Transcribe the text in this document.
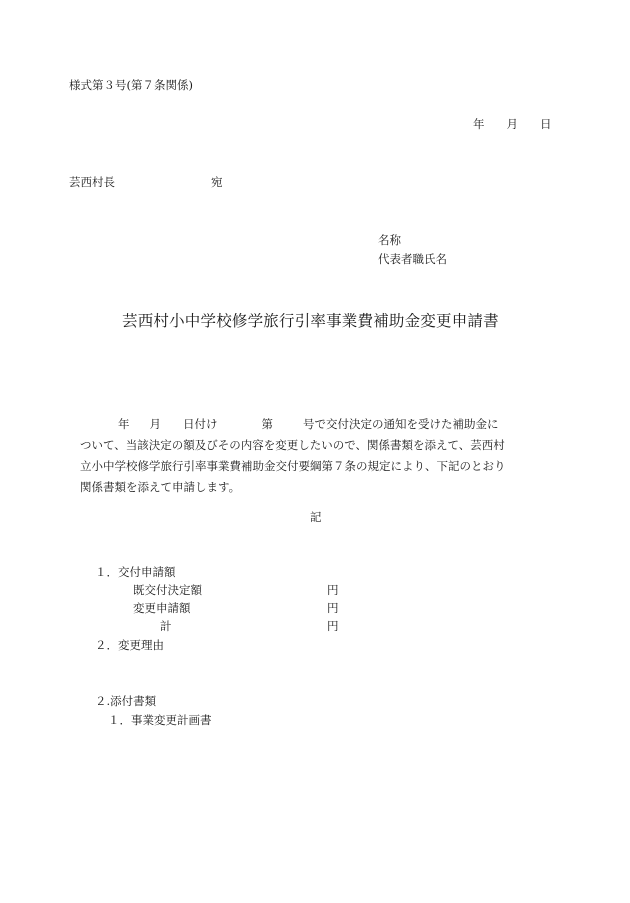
様式第３号(第７条関係)
年 月 日
芸西村長	宛
名称
代表者職氏名
芸西村小中学校修学旅行引率事業費補助金変更申請書
年 月 日付け	第	号で交付決定の通知を受けた補助金に
ついて、当該決定の額及びその内容を変更したいので、関係書類を添えて、芸西村
立小中学校修学旅行引率事業費補助金交付要綱第７条の規定により、下記のとおり
関係書類を添えて申請します。
記
１．交付申請額
既交付決定額	円
変更申請額	円
計	円
２．変更理由
２.添付書類
１．事業変更計画書
